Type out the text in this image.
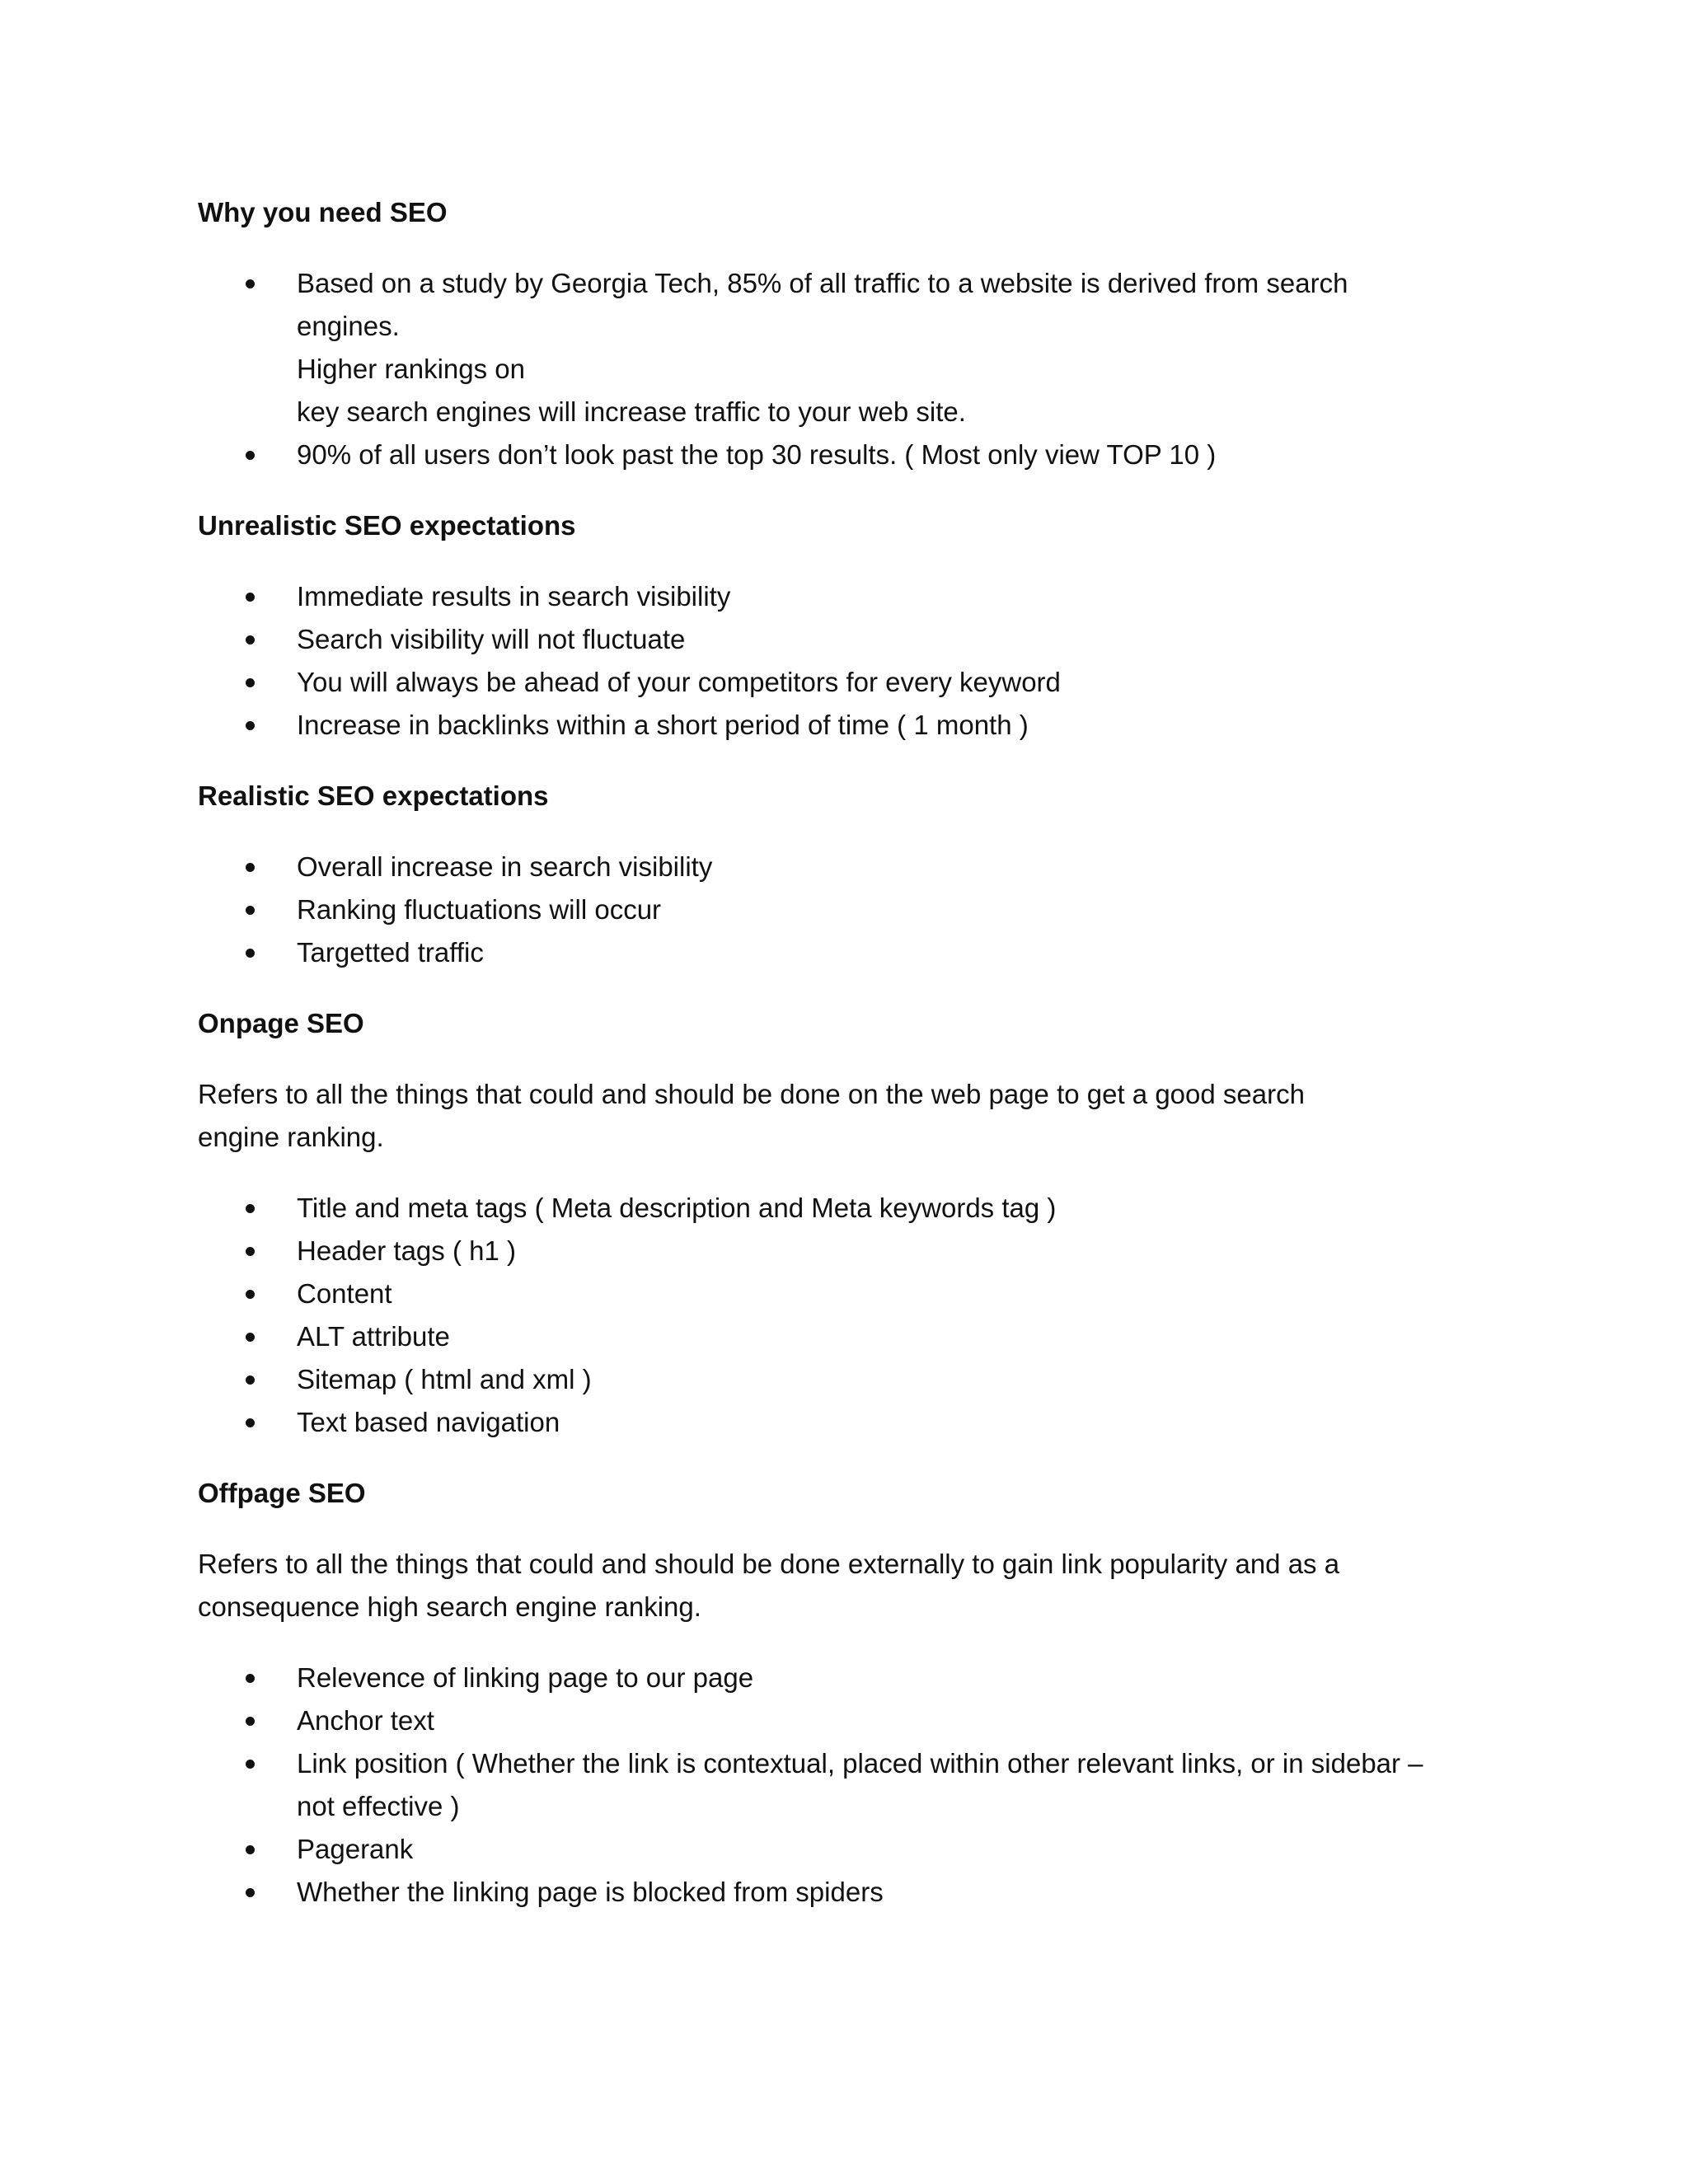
Why you need SEO
Based on a study by Georgia Tech, 85% of all traffic to a website is derived from search engines.
Higher rankings on
key search engines will increase traffic to your web site.
90% of all users don’t look past the top 30 results. ( Most only view TOP 10 )
Unrealistic SEO expectations
Immediate results in search visibility
Search visibility will not fluctuate
You will always be ahead of your competitors for every keyword
Increase in backlinks within a short period of time ( 1 month )
Realistic SEO expectations
Overall increase in search visibility
Ranking fluctuations will occur
Targetted traffic
Onpage SEO
Refers to all the things that could and should be done on the web page to get a good search engine ranking.
Title and meta tags ( Meta description and Meta keywords tag )
Header tags ( h1 )
Content
ALT attribute
Sitemap ( html and xml )
Text based navigation
Offpage SEO
Refers to all the things that could and should be done externally to gain link popularity and as a consequence high search engine ranking.
Relevence of linking page to our page
Anchor text
Link position ( Whether the link is contextual, placed within other relevant links, or in sidebar – not effective )
Pagerank
Whether the linking page is blocked from spiders
